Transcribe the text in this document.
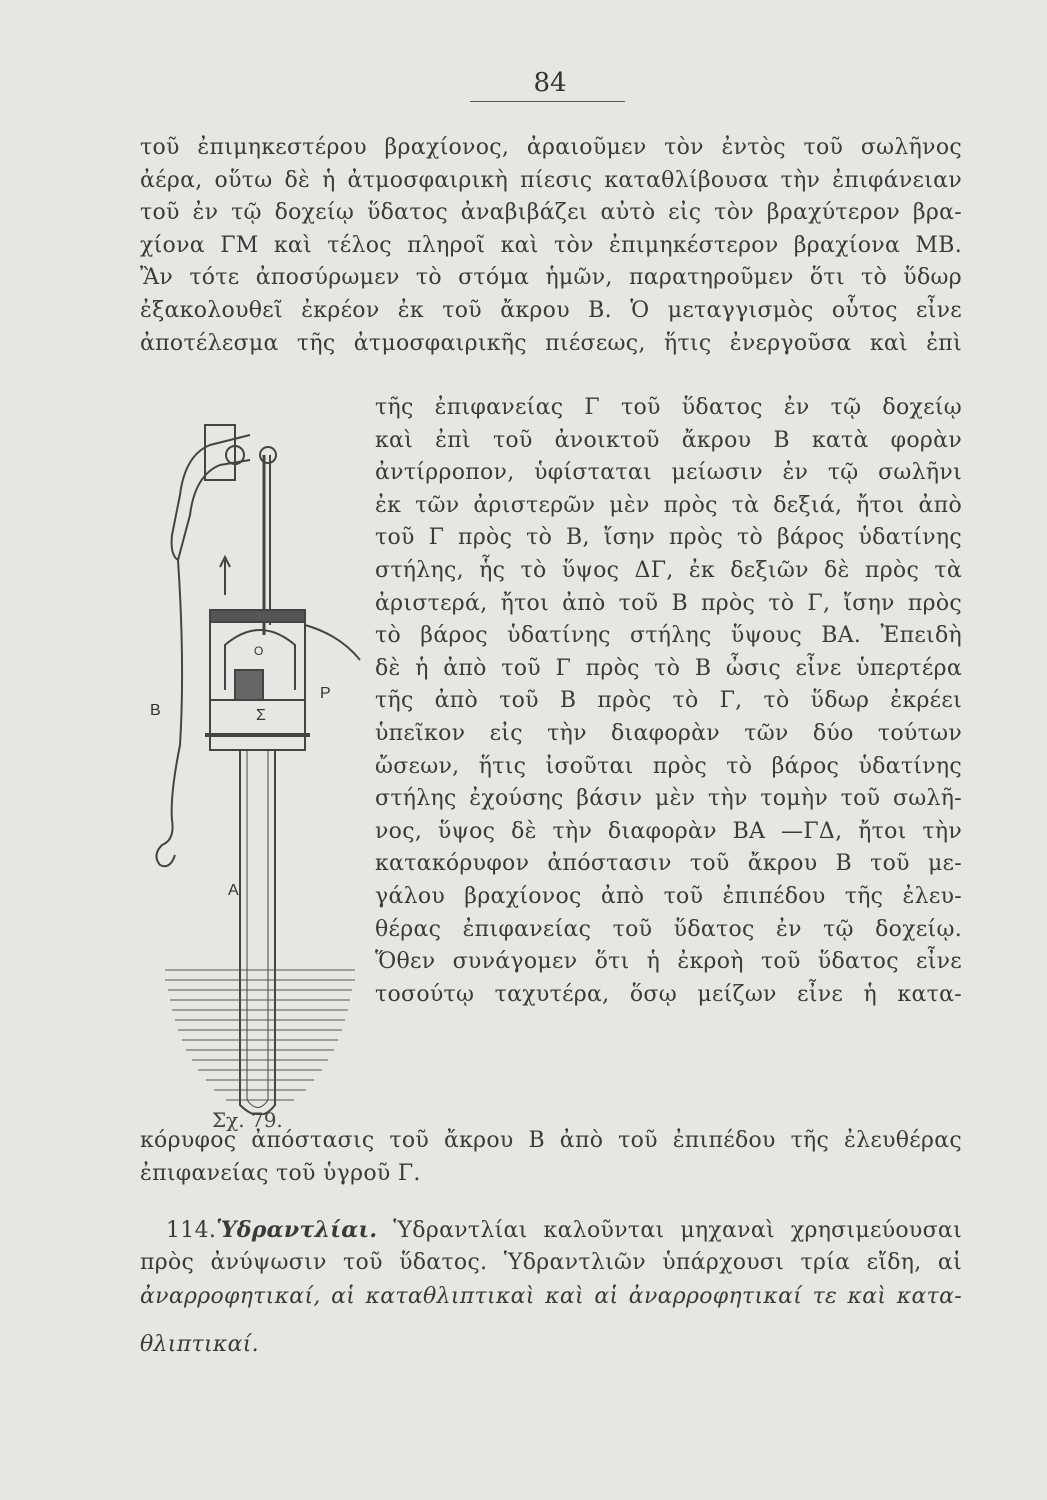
84
τοῦ ἐπιμηκεστέρου βραχίονος, ἀραιοῦμεν τὸν ἐντὸς τοῦ σωλῆνος
ἀέρα, οὕτω δὲ ἡ ἀτμοσφαιρικὴ πίεσις καταθλίβουσα τὴν ἐπιφάνειαν
τοῦ ἐν τῷ δοχείῳ ὕδατος ἀναβιβάζει αὐτὸ εἰς τὸν βραχύτερον βρα-
χίονα ΓΜ καὶ τέλος πληροῖ καὶ τὸν ἐπιμηκέστερον βραχίονα ΜΒ.
Ἂν τότε ἀποσύρωμεν τὸ στόμα ἡμῶν, παρατηροῦμεν ὅτι τὸ ὕδωρ
ἐξακολουθεῖ ἐκρέον ἐκ τοῦ ἄκρου Β. Ὁ μεταγγισμὸς οὗτος εἶνε
ἀποτέλεσμα τῆς ἀτμοσφαιρικῆς πιέσεως, ἥτις ἐνεργοῦσα καὶ ἐπὶ
τῆς ἐπιφανείας Γ τοῦ ὕδατος ἐν τῷ δοχείῳ
καὶ ἐπὶ τοῦ ἀνοικτοῦ ἄκρου Β κατὰ φορὰν
ἀντίρροπον, ὑφίσταται μείωσιν ἐν τῷ σωλῆνι
ἐκ τῶν ἀριστερῶν μὲν πρὸς τὰ δεξιά, ἤτοι ἀπὸ
τοῦ Γ πρὸς τὸ Β, ἴσην πρὸς τὸ βάρος ὑδατίνης
στήλης, ἧς τὸ ὕψος ΔΓ, ἐκ δεξιῶν δὲ πρὸς τὰ
ἀριστερά, ἤτοι ἀπὸ τοῦ Β πρὸς τὸ Γ, ἴσην πρὸς
τὸ βάρος ὑδατίνης στήλης ὕψους ΒΑ. Ἐπειδὴ
δὲ ἡ ἀπὸ τοῦ Γ πρὸς τὸ Β ὦσις εἶνε ὑπερτέρα
τῆς ἀπὸ τοῦ Β πρὸς τὸ Γ, τὸ ὕδωρ ἐκρέει
ὑπεῖκον εἰς τὴν διαφορὰν τῶν δύο τούτων
ὤσεων, ἥτις ἰσοῦται πρὸς τὸ βάρος ὑδατίνης
στήλης ἐχούσης βάσιν μὲν τὴν τομὴν τοῦ σωλῆ-
νος, ὕψος δὲ τὴν διαφορὰν ΒΑ —ΓΔ, ἤτοι τὴν
κατακόρυφον ἀπόστασιν τοῦ ἄκρου Β τοῦ με-
γάλου βραχίονος ἀπὸ τοῦ ἐπιπέδου τῆς ἐλευ-
θέρας ἐπιφανείας τοῦ ὕδατος ἐν τῷ δοχείῳ.
Ὅθεν συνάγομεν ὅτι ἡ ἐκροὴ τοῦ ὕδατος εἶνε
τοσούτῳ ταχυτέρα, ὅσῳ μείζων εἶνε ἡ κατα-
κόρυφος ἀπόστασις τοῦ ἄκρου Β ἀπὸ τοῦ ἐπιπέδου τῆς ἐλευθέρας
ἐπιφανείας τοῦ ὑγροῦ Γ.
114.Ὑδραντλίαι. Ὑδραντλίαι καλοῦνται μηχαναὶ χρησιμεύουσαι
πρὸς ἀνύψωσιν τοῦ ὕδατος. Ὑδραντλιῶν ὑπάρχουσι τρία εἴδη, αἱ
ἀναρροφητικαί, αἱ καταθλιπτικαὶ καὶ αἱ ἀναρροφητικαί τε καὶ κατα-
θλιπτικαί.
Β
Α
Ρ
Σ
Ο
Σχ. 79.
